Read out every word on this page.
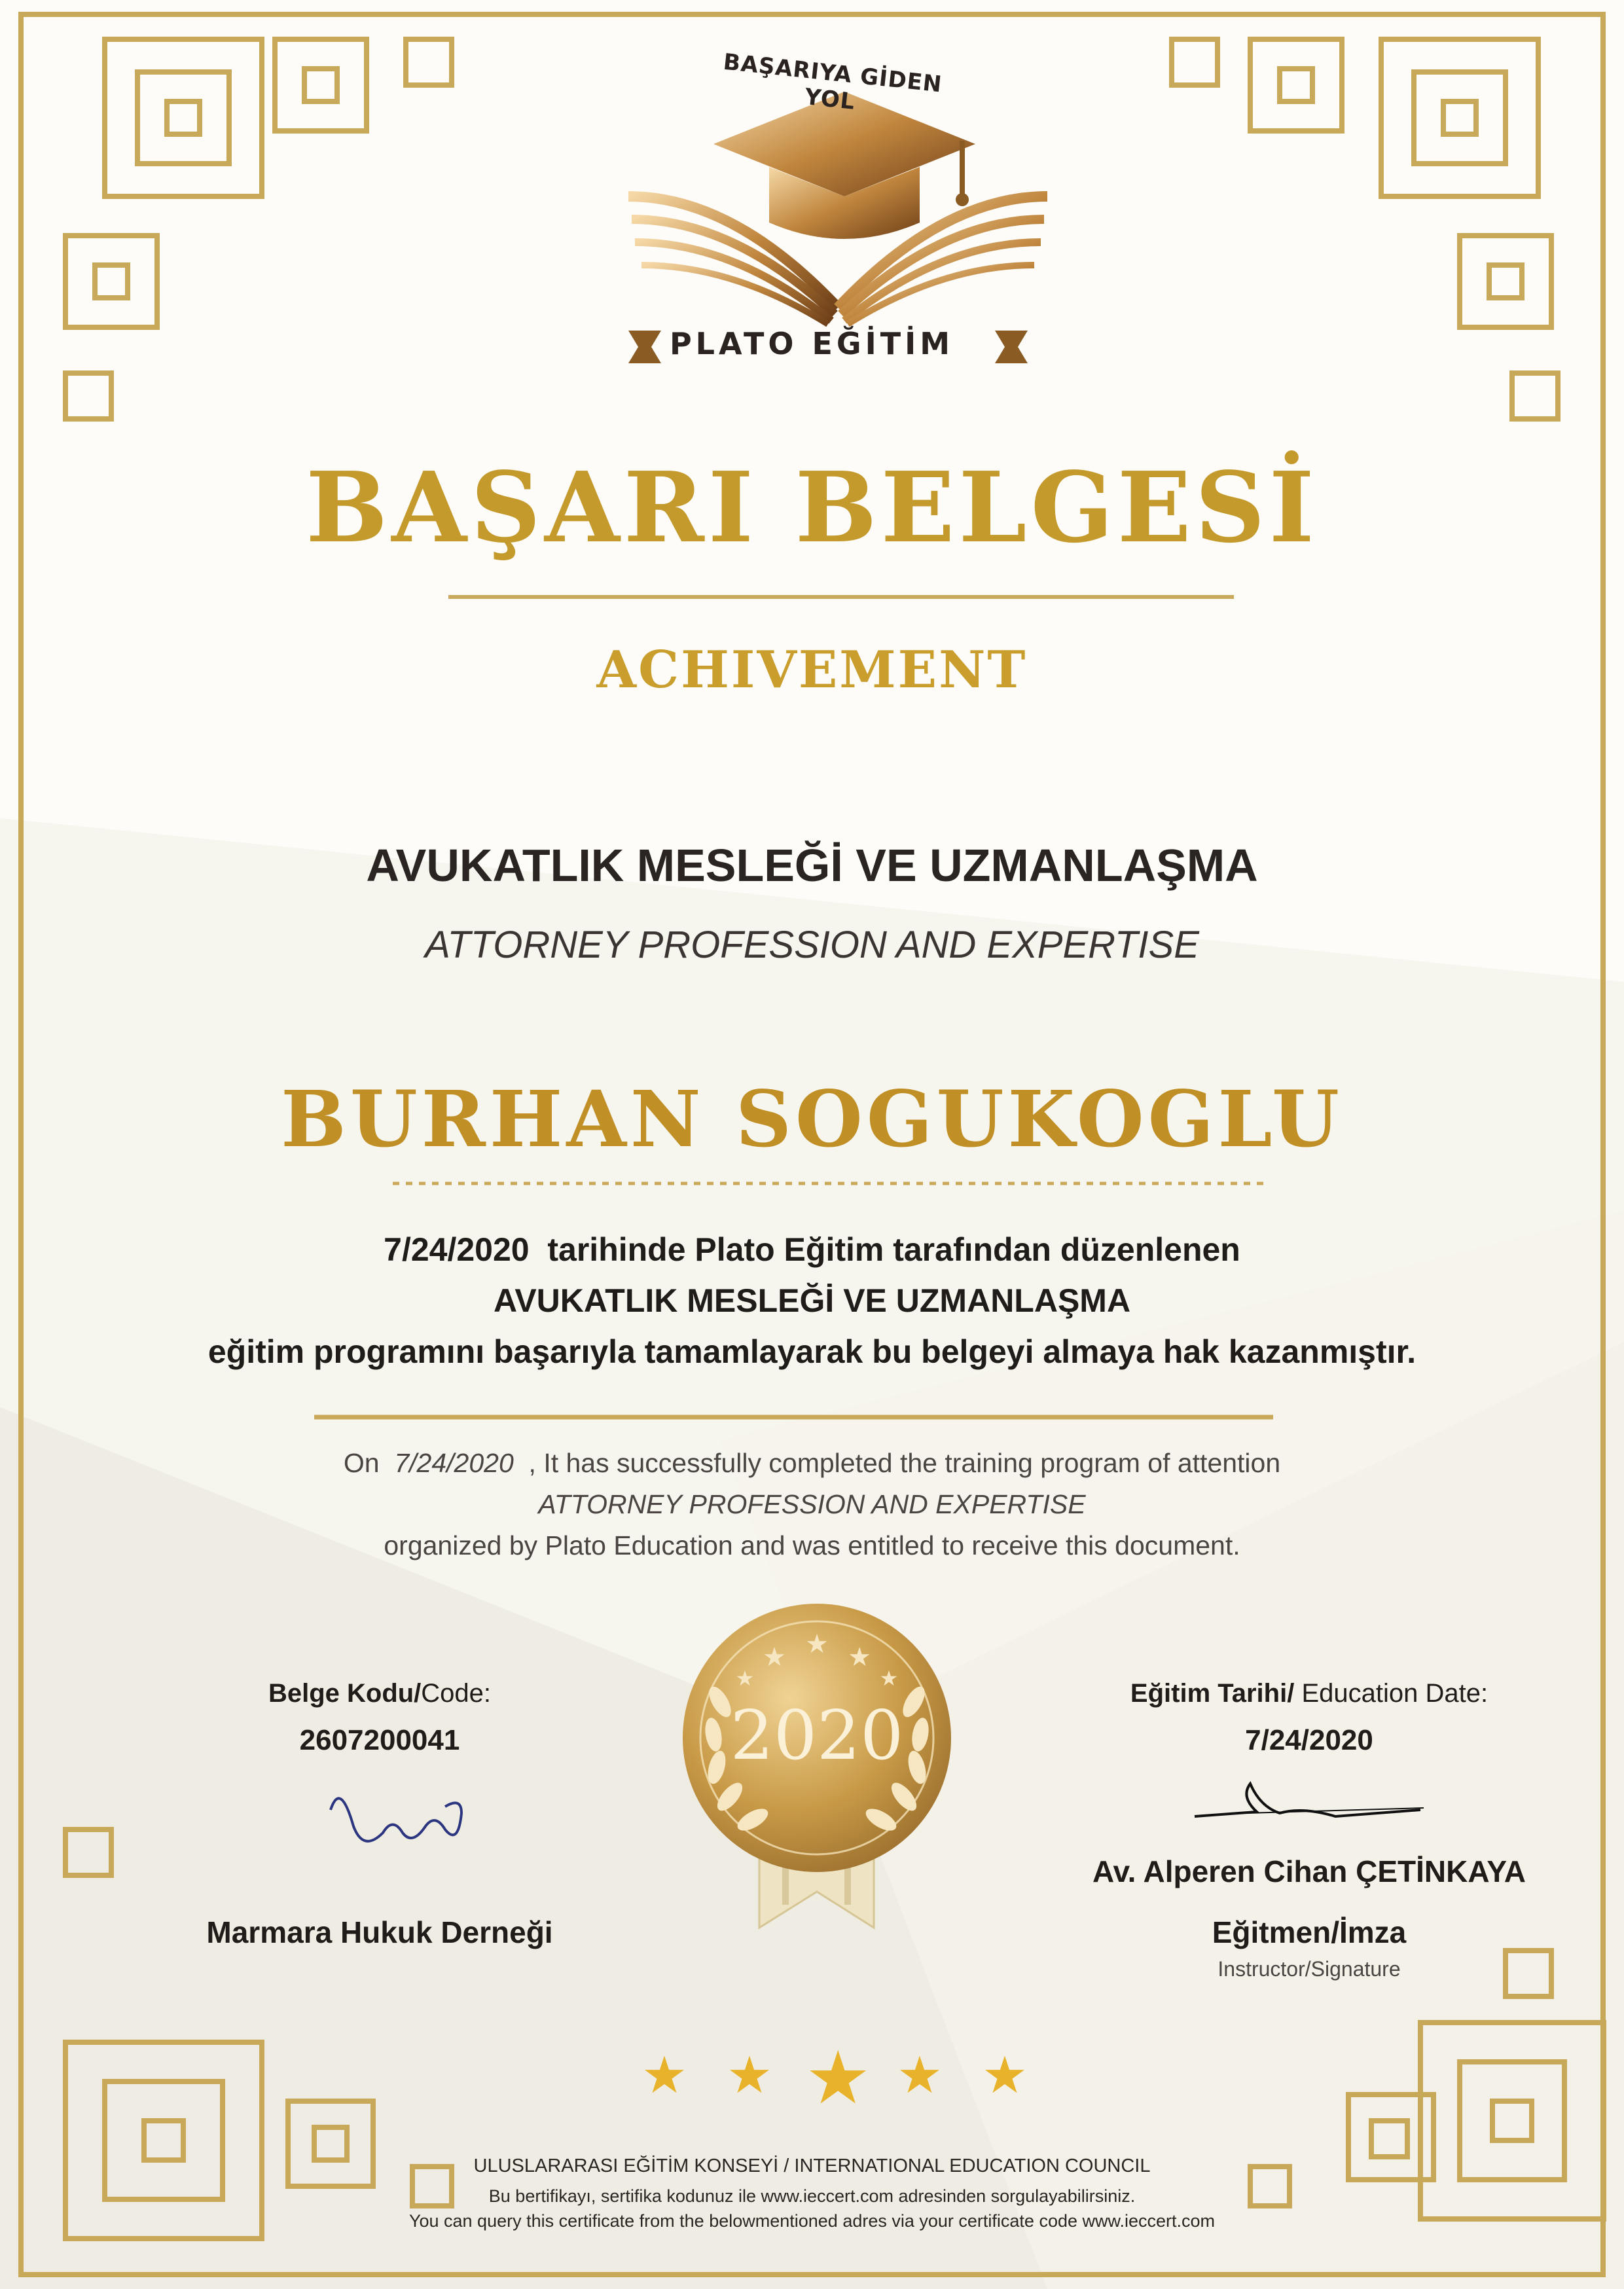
★ ★ ★
★	★
BAŞARIYA GİDEN YOL
PLATO EĞİTİM
BAŞARI BELGESİ
ACHIVEMENT
AVUKATLIK MESLEĞİ VE UZMANLAŞMA
ATTORNEY PROFESSION AND EXPERTISE
BURHAN SOGUKOGLU
7/24/2020 tarihinde Plato Eğitim tarafından düzenlenen
AVUKATLIK MESLEĞİ VE UZMANLAŞMA
eğitim programını başarıyla tamamlayarak bu belgeyi almaya hak kazanmıştır.
On 7/24/2020 , It has successfully completed the training program of attention
ATTORNEY PROFESSION AND EXPERTISE
organized by Plato Education and was entitled to receive this document.
Belge Kodu/Code:
2607200041
Marmara Hukuk Derneği
2020
Eğitim Tarihi/ Education Date:
7/24/2020
Av. Alperen Cihan ÇETİNKAYA
Eğitmen/İmza
Instructor/Signature
★ ★ ★ ★ ★
ULUSLARARASI EĞİTİM KONSEYİ / INTERNATIONAL EDUCATION COUNCIL
Bu bertifikayı, sertifika kodunuz ile www.ieccert.com adresinden sorgulayabilirsiniz.
You can query this certificate from the belowmentioned adres via your certificate code www.ieccert.com
